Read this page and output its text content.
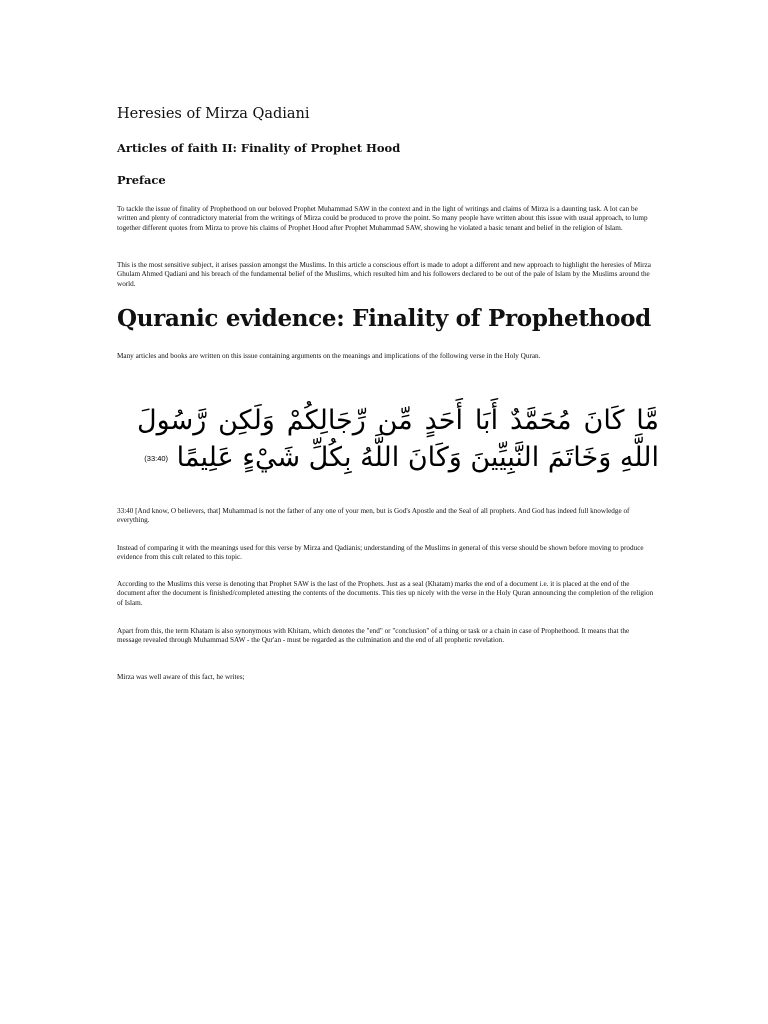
Heresies of Mirza Qadiani
Articles of faith II: Finality of Prophet Hood
Preface

To tackle the issue of finality of Prophethood on our beloved Prophet Muhammad SAW in the context and in the light of writings and claims of Mirza is a daunting task. A lot can be written and plenty of contradictory material from the writings of Mirza could be produced to prove the point. So many people have written about this issue with usual approach, to lump together different quotes from Mirza to prove his claims of Prophet Hood after Prophet Muhammad SAW, showing he violated a basic tenant and belief in the religion of Islam.

This is the most sensitive subject, it arises passion amongst the Muslims. In this article a conscious effort is made to adopt a different and new approach to highlight the heresies of Mirza Ghulam Ahmed Qadiani and his breach of the fundamental belief of the Muslims, which resulted him and his followers declared to be out of the pale of Islam by the Muslims around the world.

Quranic evidence: Finality of Prophethood

Many articles and books are written on this issue containing arguments on the meanings and implications of the following verse in the Holy Quran.

مَّا كَانَ مُحَمَّدٌ أَبَا أَحَدٍ مِّن رِّجَالِكُمْ وَلَكِن رَّسُولَ اللَّهِ وَخَاتَمَ النَّبِيِّينَ وَكَانَ اللَّهُ بِكُلِّ شَيْءٍ عَلِيمًا (33:40)

33:40 [And know, O believers, that] Muhammad is not the father of any one of your men, but is God's Apostle and the Seal of all prophets. And God has indeed full knowledge of everything.

Instead of comparing it with the meanings used for this verse by Mirza and Qadianis; understanding of the Muslims in general of this verse should be shown before moving to produce evidence from this cult related to this topic.

According to the Muslims this verse is denoting that Prophet SAW is the last of the Prophets. Just as a seal (Khatam) marks the end of a document i.e. it is placed at the end of the document after the document is finished/completed attesting the contents of the documents. This ties up nicely with the verse in the Holy Quran announcing the completion of the religion of Islam.

Apart from this, the term Khatam is also synonymous with Khitam, which denotes the "end" or "conclusion" of a thing or task or a chain in case of Prophethood. It means that the message revealed through Muhammad SAW - the Qur'an - must be regarded as the culmination and the end of all prophetic revelation.

Mirza was well aware of this fact, he writes;
